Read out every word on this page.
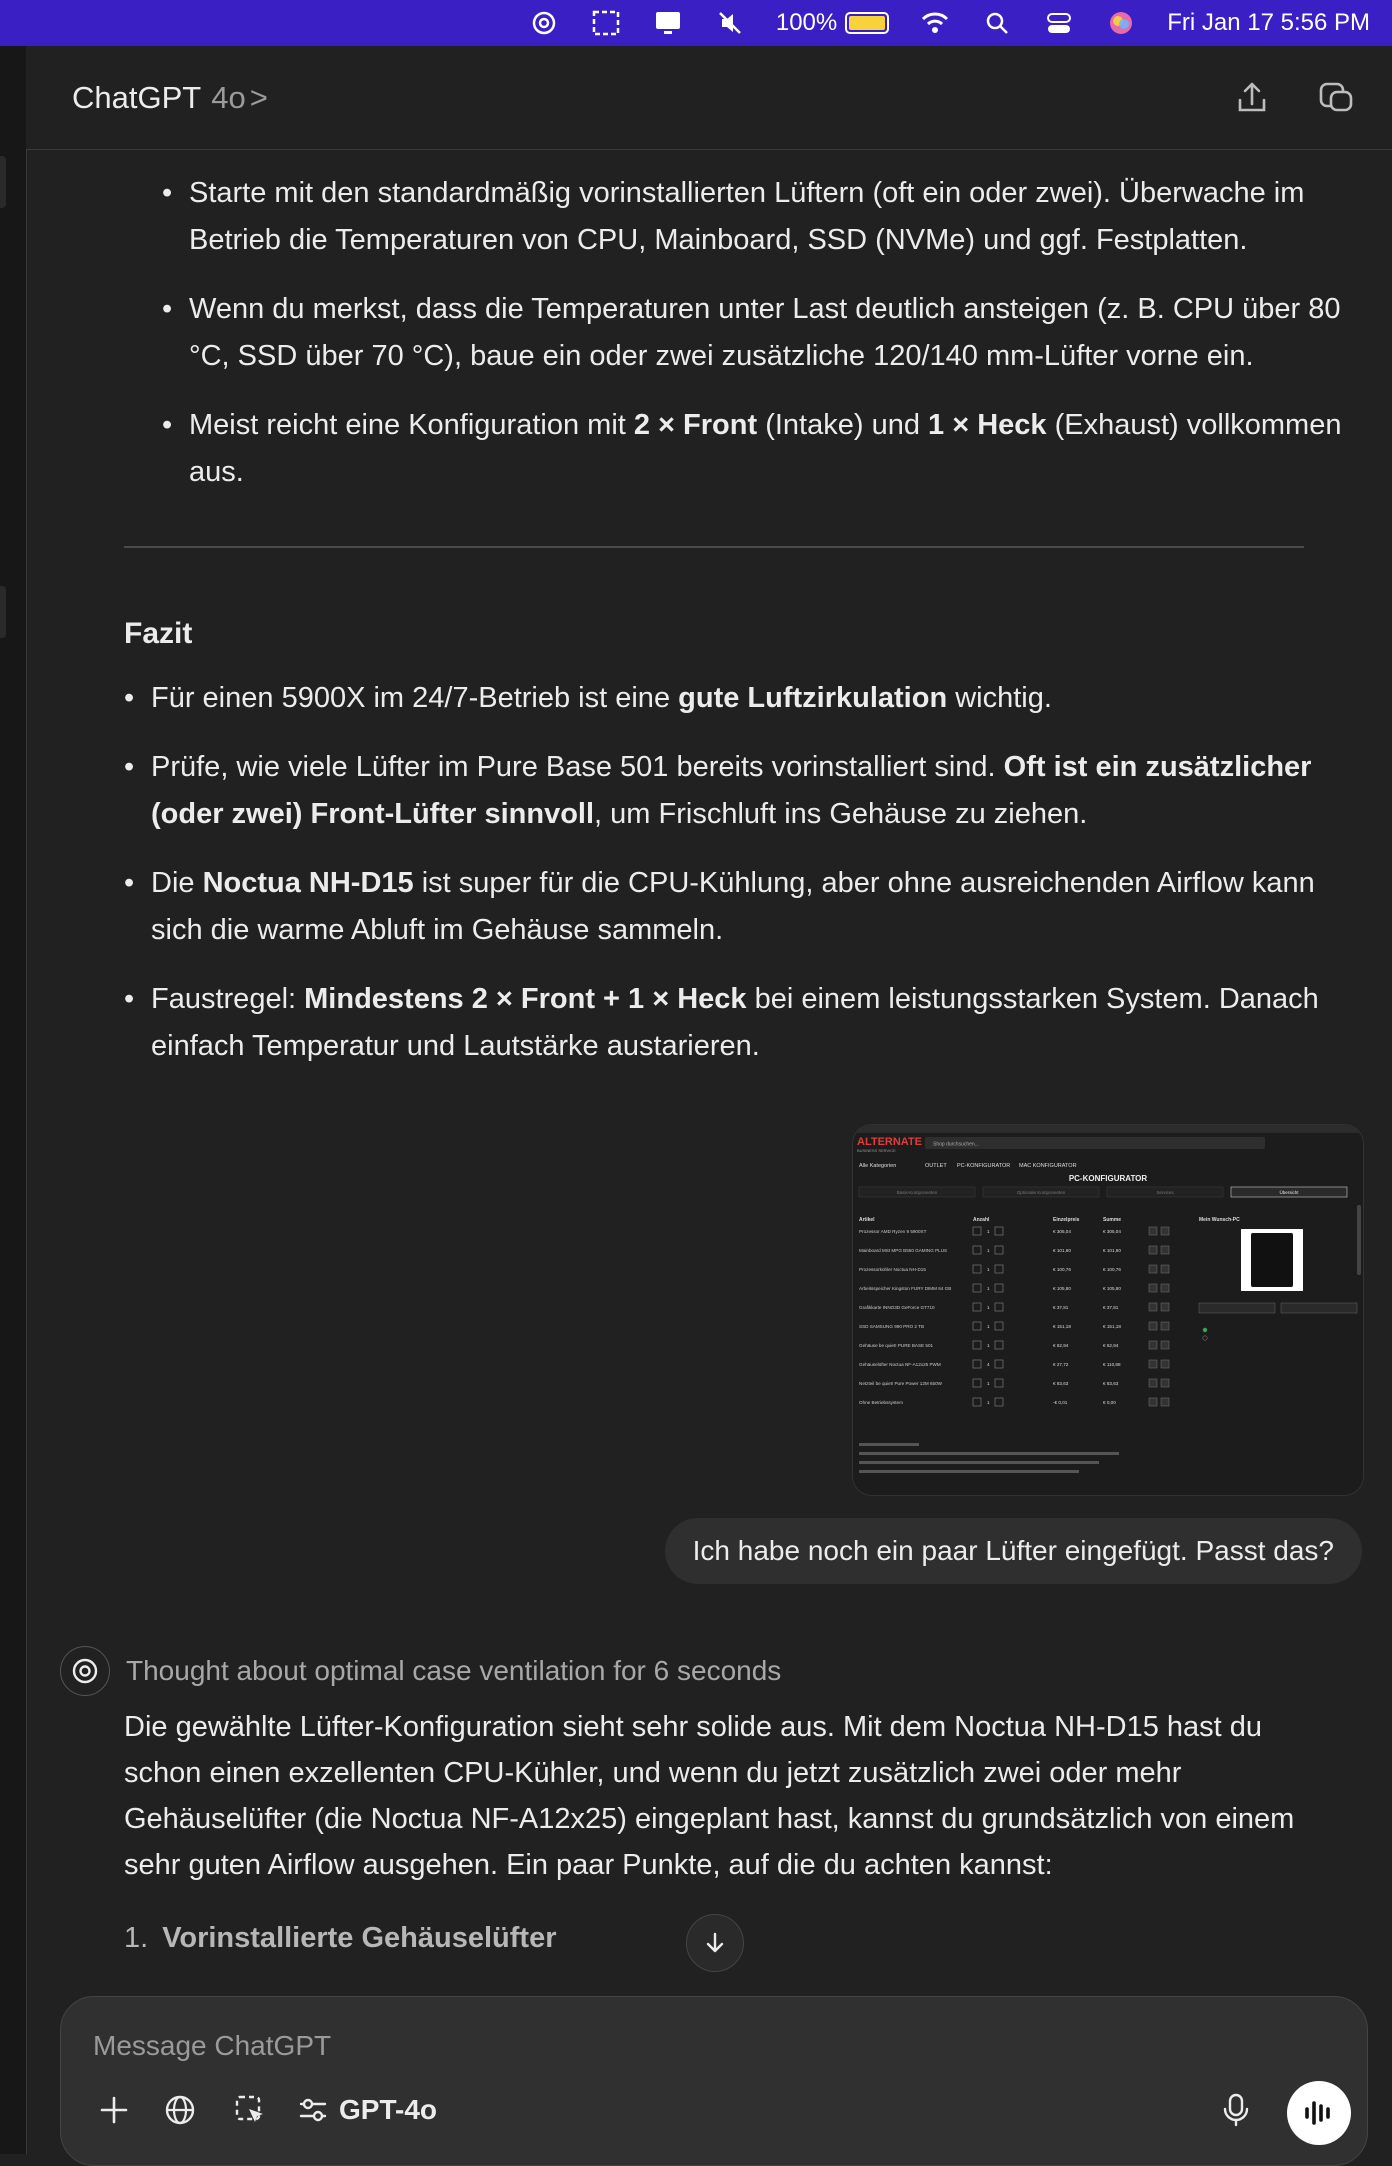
100%	Fri Jan 17 5:56 PM
ChatGPT 4o >
• Starte mit den standardmäßig vorinstallierten Lüftern (oft ein oder zwei). Überwache im Betrieb die Temperaturen von CPU, Mainboard, SSD (NVMe) und ggf. Festplatten.
• Wenn du merkst, dass die Temperaturen unter Last deutlich ansteigen (z. B. CPU über 80 °C, SSD über 70 °C), baue ein oder zwei zusätzliche 120/140 mm-Lüfter vorne ein.
• Meist reicht eine Konfiguration mit 2 × Front (Intake) und 1 × Heck (Exhaust) vollkommen aus.
Fazit
• Für einen 5900X im 24/7-Betrieb ist eine gute Luftzirkulation wichtig.
• Prüfe, wie viele Lüfter im Pure Base 501 bereits vorinstalliert sind. Oft ist ein zusätzlicher (oder zwei) Front-Lüfter sinnvoll, um Frischluft ins Gehäuse zu ziehen.
• Die Noctua NH-D15 ist super für die CPU-Kühlung, aber ohne ausreichenden Airflow kann sich die warme Abluft im Gehäuse sammeln.
• Faustregel: Mindestens 2 × Front + 1 × Heck bei einem leistungsstarken System. Danach einfach Temperatur und Lautstärke austarieren.
ALTERNATE
BUSINESS SERVICE
Shop durchsuchen...
Alle Kategorien	OUTLET PC-KONFIGURATOR MAC KONFIGURATOR
PC-KONFIGURATOR
Basis-Komponenten	Optionale Komponenten	Services	Übersicht
Artikel	Anzahl	Einzelpreis	Summe
Prozessor AMD Ryzen 9 5900XT	1	€ 305,04	€ 305,04
Mainboard MSI MPG B550 GAMING PLUS	1	€ 101,60	€ 101,60
Prozessorkühler Noctua NH-D15	1	€ 100,76	€ 100,76
Arbeitsspeicher Kingston FURY DIMM 64 GB	1	€ 105,80	€ 105,80
Grafikkarte INNO3D GeForce GT710	1	€ 37,81	€ 37,81
SSD SAMSUNG 990 PRO 2 TB	1	€ 151,18	€ 151,18
Gehäuse be quiet! PURE BASE 501	1	€ 62,94	€ 62,94
Gehäuselüfter Noctua NF-A12x25 PWM	4	€ 27,72	€ 110,88
Netzteil be quiet! Pure Power 12M 650W	1	€ 83,63	€ 83,63
Ohne Betriebssystem	1	-€ 0,01	€ 0,00
Mein Wunsch-PC
Ich habe noch ein paar Lüfter eingefügt. Passt das?
Thought about optimal case ventilation for 6 seconds
Die gewählte Lüfter-Konfiguration sieht sehr solide aus. Mit dem Noctua NH-D15 hast du schon einen exzellenten CPU-Kühler, und wenn du jetzt zusätzlich zwei oder mehr Gehäuselüfter (die Noctua NF-A12x25) eingeplant hast, kannst du grundsätzlich von einem sehr guten Airflow ausgehen. Ein paar Punkte, auf die du achten kannst:
1. Vorinstallierte Gehäuselüfter
Message ChatGPT
GPT-4o
